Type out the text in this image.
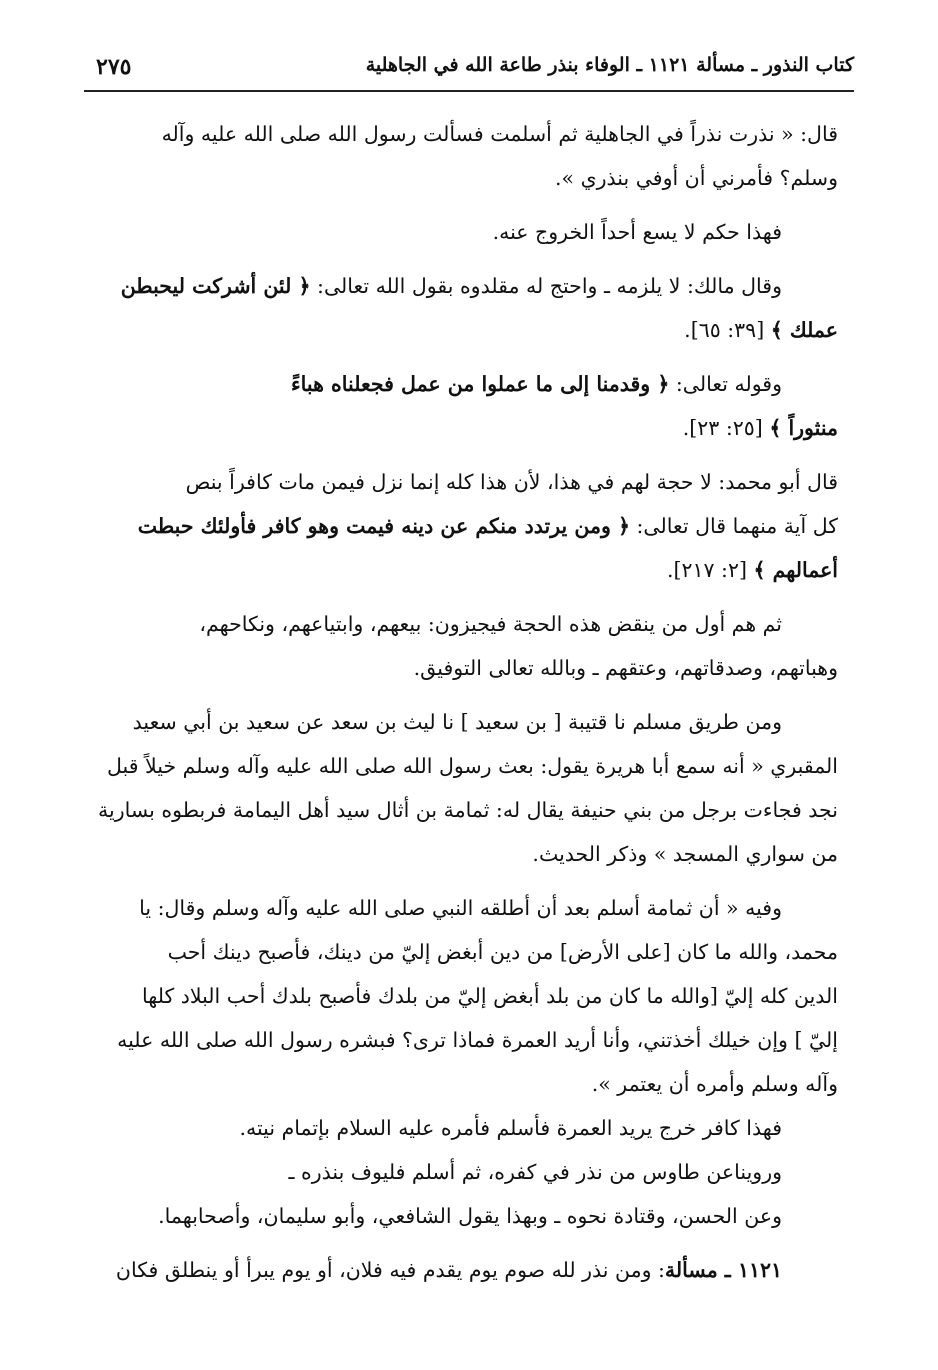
كتاب النذور ـ مسألة ١١٢١ ـ الوفاء بنذر طاعة الله في الجاهلية
٢٧٥
قال: « نذرت نذراً في الجاهلية ثم أسلمت فسألت رسول الله صلى الله عليه وآله
وسلم؟ فأمرني أن أوفي بنذري ».
فهذا حكم لا يسع أحداً الخروج عنه.
وقال مالك: لا يلزمه ـ واحتج له مقلدوه بقول الله تعالى: ﴿ لئن أشركت ليحبطن
عملك ﴾ [٣٩: ٦٥].
وقوله تعالى: ﴿ وقدمنا إلى ما عملوا من عمل فجعلناه هباءً
منثوراً ﴾ [٢٥: ٢٣].
قال أبو محمد: لا حجة لهم في هذا، لأن هذا كله إنما نزل فيمن مات كافراً بنص
كل آية منهما قال تعالى: ﴿ ومن يرتدد منكم عن دينه فيمت وهو كافر فأولئك حبطت
أعمالهم ﴾ [٢: ٢١٧].
ثم هم أول من ينقض هذه الحجة فيجيزون: بيعهم، وابتياعهم، ونكاحهم،
وهباتهم، وصدقاتهم، وعتقهم ـ وبالله تعالى التوفيق.
ومن طريق مسلم نا قتيبة [ بن سعيد ] نا ليث بن سعد عن سعيد بن أبي سعيد
المقبري « أنه سمع أبا هريرة يقول: بعث رسول الله صلى الله عليه وآله وسلم خيلاً قبل
نجد فجاءت برجل من بني حنيفة يقال له: ثمامة بن أثال سيد أهل اليمامة فربطوه بسارية
من سواري المسجد » وذكر الحديث.
وفيه « أن ثمامة أسلم بعد أن أطلقه النبي صلى الله عليه وآله وسلم وقال: يا
محمد، والله ما كان [على الأرض] من دين أبغض إليّ من دينك، فأصبح دينك أحب
الدين كله إليّ [والله ما كان من بلد أبغض إليّ من بلدك فأصبح بلدك أحب البلاد كلها
إليّ ] وإن خيلك أخذتني، وأنا أريد العمرة فماذا ترى؟ فبشره رسول الله صلى الله عليه
وآله وسلم وأمره أن يعتمر ».
فهذا كافر خرج يريد العمرة فأسلم فأمره عليه السلام بإتمام نيته.
ورويناعن طاوس من نذر في كفره، ثم أسلم فليوف بنذره ـ
وعن الحسن، وقتادة نحوه ـ وبهذا يقول الشافعي، وأبو سليمان، وأصحابهما.
١١٢١ ـ مسألة: ومن نذر لله صوم يوم يقدم فيه فلان، أو يوم يبرأ أو ينطلق فكان
